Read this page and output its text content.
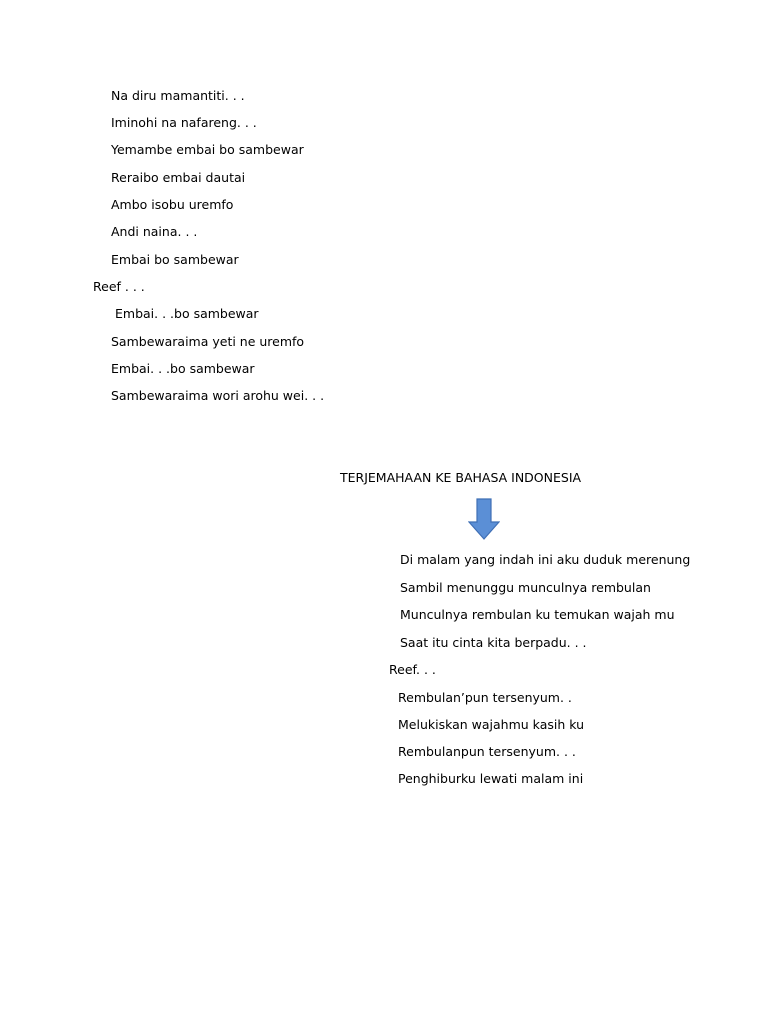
Na diru mamantiti. . .
Iminohi na nafareng. . .
Yemambe embai bo sambewar
Reraibo embai dautai
Ambo isobu uremfo
Andi naina. . .
Embai bo sambewar
Reef . . .
Embai. . .bo sambewar
Sambewaraima yeti ne uremfo
Embai. . .bo sambewar
Sambewaraima wori arohu wei. . .
TERJEMAHAAN KE BAHASA INDONESIA
Di malam yang indah ini aku duduk merenung
Sambil menunggu munculnya rembulan
Munculnya rembulan ku temukan wajah mu
Saat itu cinta kita berpadu. . .
Reef. . .
Rembulan’pun tersenyum. .
Melukiskan wajahmu kasih ku
Rembulanpun tersenyum. . .
Penghiburku lewati malam ini
